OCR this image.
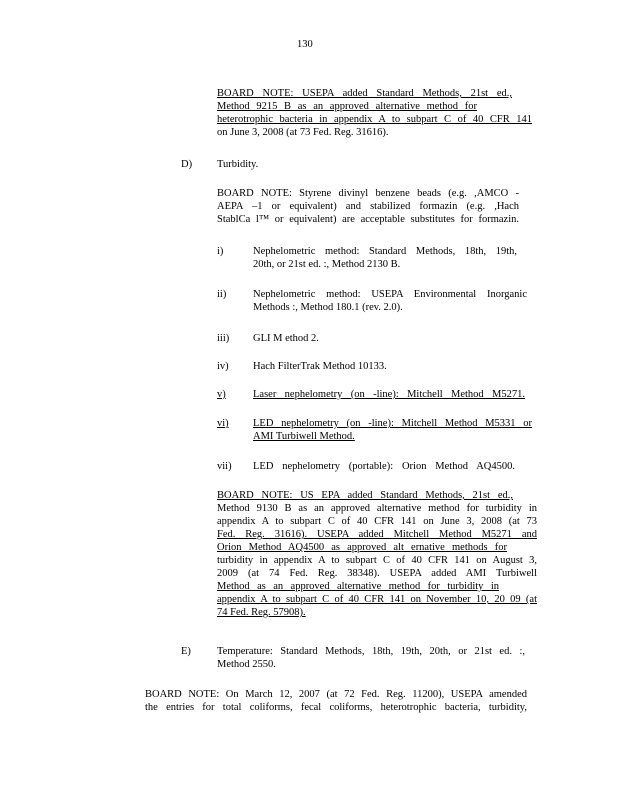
130
BOARD NOTE: USEPA added Standard Methods, 21st ed.,
Method 9215 B as an approved alternative method for
heterotrophic bacteria in appendix A to subpart C of 40 CFR 141
on June 3, 2008 (at 73 Fed. Reg. 31616).
D) Turbidity.
BOARD NOTE: Styrene divinyl benzene beads (e.g. ,AMCO -
AEPA –1 or equivalent) and stabilized formazin (e.g. ,Hach
StablCa l™ or equivalent) are acceptable substitutes for formazin.
i)	Nephelometric method: Standard Methods, 18th, 19th,
20th, or 21st ed. :, Method 2130 B.
ii)	Nephelometric method: USEPA Environmental Inorganic
Methods :, Method 180.1 (rev. 2.0).
iii) GLI M ethod 2.
iv) Hach FilterTrak Method 10133.
v)	Laser nephelometry (on -line): Mitchell Method M5271.
vi) LED nephelometry (on -line): Mitchell Method M5331 or
AMI Turbiwell Method.
vii) LED nephelometry (portable): Orion Method AQ4500.
BOARD NOTE: US EPA added Standard Methods, 21st ed.,
Method 9130 B as an approved alternative method for turbidity in
appendix A to subpart C of 40 CFR 141 on June 3, 2008 (at 73
Fed. Reg. 31616). USEPA added Mitchell Method M5271 and
Orion Method AQ4500 as approved alt ernative methods for
turbidity in appendix A to subpart C of 40 CFR 141 on August 3,
2009 (at 74 Fed. Reg. 38348). USEPA added AMI Turbiwell
Method as an approved alternative method for turbidity in
appendix A to subpart C of 40 CFR 141 on November 10, 20 09 (at
74 Fed. Reg. 57908).
E) Temperature: Standard Methods, 18th, 19th, 20th, or 21st ed. :,
Method 2550.
BOARD NOTE: On March 12, 2007 (at 72 Fed. Reg. 11200), USEPA amended
the entries for total coliforms, fecal coliforms, heterotrophic bacteria, turbidity,
